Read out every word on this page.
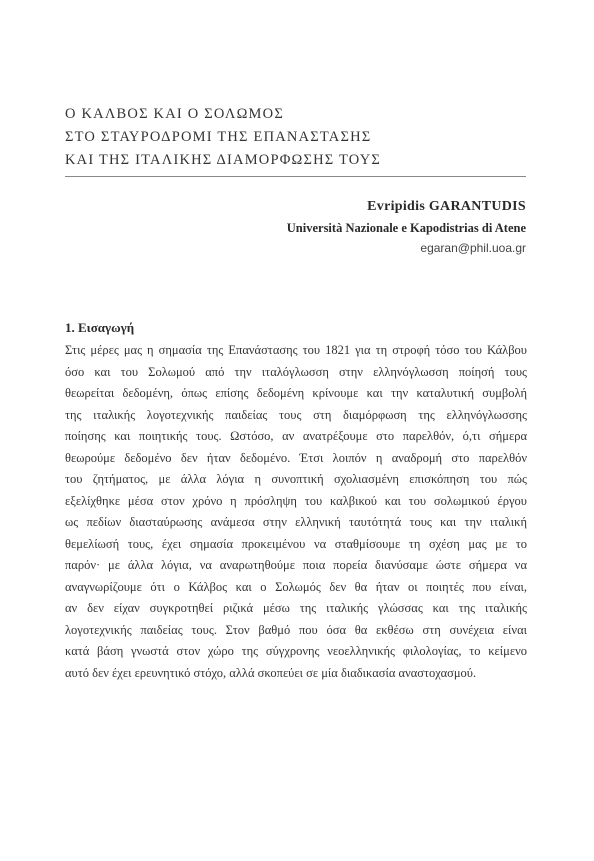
Ο ΚΑΛΒΟΣ ΚΑΙ Ο ΣΟΛΩΜΟΣ
ΣΤΟ ΣΤΑΥΡΟΔΡΟΜΙ ΤΗΣ ΕΠΑΝΑΣΤΑΣΗΣ
ΚΑΙ ΤΗΣ ΙΤΑΛΙΚΗΣ ΔΙΑΜΟΡΦΩΣΗΣ ΤΟΥΣ
Evripidis GARANTUDIS
Università Nazionale e Kapodistrias di Atene
egaran@phil.uoa.gr
1. Εισαγωγή
Στις μέρες μας η σημασία της Επανάστασης του 1821 για τη στροφή τόσο του Κάλβου
όσο και του Σολωμού από την ιταλόγλωσση στην ελληνόγλωσση ποίησή τους
θεωρείται δεδομένη, όπως επίσης δεδομένη κρίνουμε και την καταλυτική συμβολή
της ιταλικής λογοτεχνικής παιδείας τους στη διαμόρφωση της ελληνόγλωσσης
ποίησης και ποιητικής τους. Ωστόσο, αν ανατρέξουμε στο παρελθόν, ό,τι σήμερα
θεωρούμε δεδομένο δεν ήταν δεδομένο. Έτσι λοιπόν η αναδρομή στο παρελθόν
του ζητήματος, με άλλα λόγια η συνοπτική σχολιασμένη επισκόπηση του πώς
εξελίχθηκε μέσα στον χρόνο η πρόσληψη του καλβικού και του σολωμικού έργου
ως πεδίων διασταύρωσης ανάμεσα στην ελληνική ταυτότητά τους και την ιταλική
θεμελίωσή τους, έχει σημασία προκειμένου να σταθμίσουμε τη σχέση μας με το
παρόν· με άλλα λόγια, να αναρωτηθούμε ποια πορεία διανύσαμε ώστε σήμερα να
αναγνωρίζουμε ότι ο Κάλβος και ο Σολωμός δεν θα ήταν οι ποιητές που είναι,
αν δεν είχαν συγκροτηθεί ριζικά μέσω της ιταλικής γλώσσας και της ιταλικής
λογοτεχνικής παιδείας τους. Στον βαθμό που όσα θα εκθέσω στη συνέχεια είναι
κατά βάση γνωστά στον χώρο της σύγχρονης νεοελληνικής φιλολογίας, το κείμενο
αυτό δεν έχει ερευνητικό στόχο, αλλά σκοπεύει σε μία διαδικασία αναστοχασμού.
